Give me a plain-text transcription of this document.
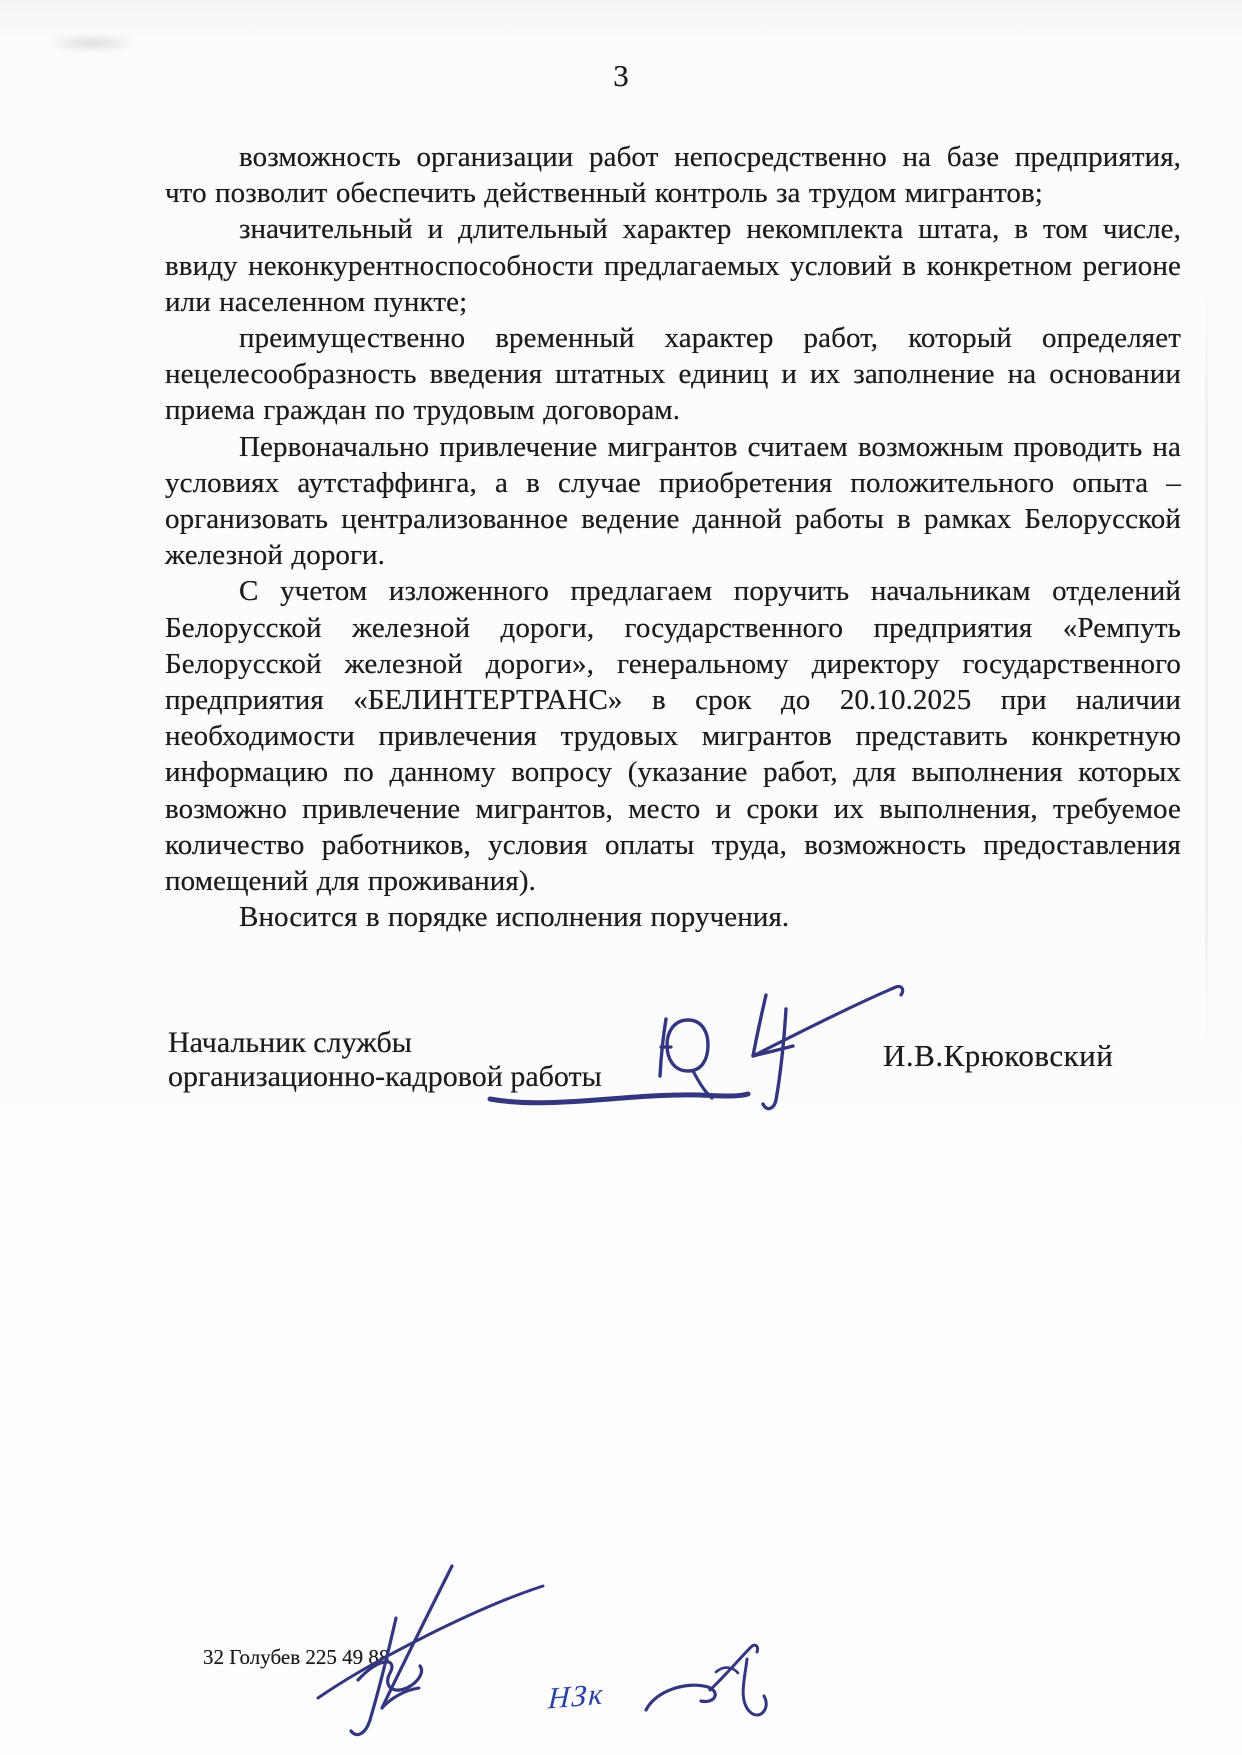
3

возможность организации работ непосредственно на базе предприятия, что позволит обеспечить действенный контроль за трудом мигрантов;

значительный и длительный характер некомплекта штата, в том числе, ввиду неконкурентноспособности предлагаемых условий в конкретном регионе или населенном пункте;

преимущественно временный характер работ, который определяет нецелесообразность введения штатных единиц и их заполнение на основании приема граждан по трудовым договорам.

Первоначально привлечение мигрантов считаем возможным проводить на условиях аутстаффинга, а в случае приобретения положительного опыта – организовать централизованное ведение данной работы в рамках Белорусской железной дороги.

С учетом изложенного предлагаем поручить начальникам отделений Белорусской железной дороги, государственного предприятия «Ремпуть Белорусской железной дороги», генеральному директору государственного предприятия «БЕЛИНТЕРТРАНС» в срок до 20.10.2025 при наличии необходимости привлечения трудовых мигрантов представить конкретную информацию по данному вопросу (указание работ, для выполнения которых возможно привлечение мигрантов, место и сроки их выполнения, требуемое количество работников, условия оплаты труда, возможность предоставления помещений для проживания).

Вносится в порядке исполнения поручения.

Начальник службы
организационно-кадровой работы
И.В.Крюковский
32 Голубев 225 49 88
НЗк
